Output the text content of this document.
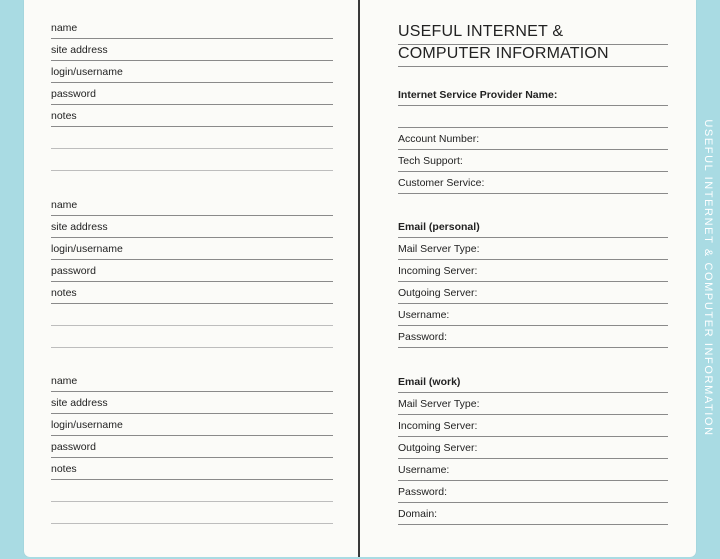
name
site address
login/username
password
notes
name
site address
login/username
password
notes
name
site address
login/username
password
notes
USEFUL INTERNET &
COMPUTER INFORMATION
Internet Service Provider Name:
Account Number:
Tech Support:
Customer Service:
Email (personal)
Mail Server Type:
Incoming Server:
Outgoing Server:
Username:
Password:
Email (work)
Mail Server Type:
Incoming Server:
Outgoing Server:
Username:
Password:
Domain:
USEFUL INTERNET & COMPUTER INFORMATION
